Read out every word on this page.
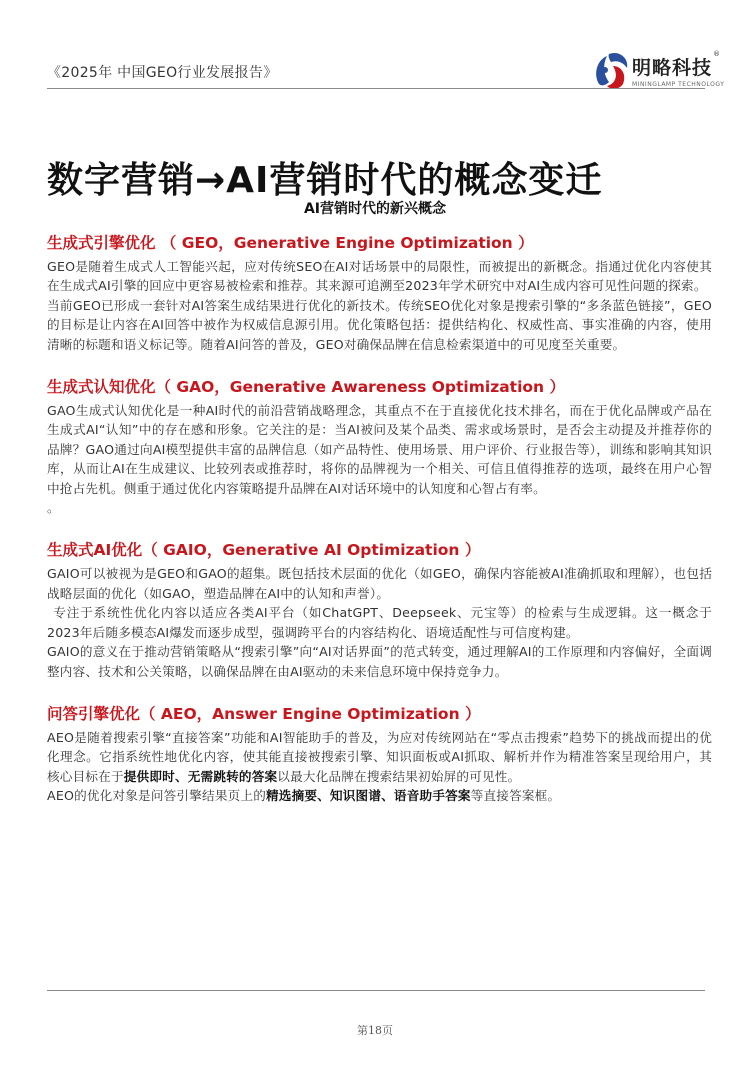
《2025年 中国GEO行业发展报告》	明略科技
®
MININGLAMP TECHNOLOGY
数字营销→AI营销时代的概念变迁
AI营销时代的新兴概念
生成式引擎优化 （ GEO，Generative Engine Optimization ）

GEO是随着生成式人工智能兴起，应对传统SEO在AI对话场景中的局限性，而被提出的新概念。指通过优化内容使其在生成式AI引擎的回应中更容易被检索和推荐。其来源可追溯至2023年学术研究中对AI生成内容可见性问题的探索。

当前GEO已形成一套针对AI答案生成结果进行优化的新技术。传统SEO优化对象是搜索引擎的“多条蓝色链接”，GEO的目标是让内容在AI回答中被作为权威信息源引用。优化策略包括：提供结构化、权威性高、事实准确的内容，使用清晰的标题和语义标记等。随着AI问答的普及，GEO对确保品牌在信息检索渠道中的可见度至关重要。

生成式认知优化（ GAO，Generative Awareness Optimization ）

GAO生成式认知优化是一种AI时代的前沿营销战略理念，其重点不在于直接优化技术排名，而在于优化品牌或产品在生成式AI“认知”中的存在感和形象。它关注的是：当AI被问及某个品类、需求或场景时，是否会主动提及并推荐你的品牌？GAO通过向AI模型提供丰富的品牌信息（如产品特性、使用场景、用户评价、行业报告等），训练和影响其知识库，从而让AI在生成建议、比较列表或推荐时，将你的品牌视为一个相关、可信且值得推荐的选项，最终在用户心智中抢占先机。侧重于通过优化内容策略提升品牌在AI对话环境中的认知度和心智占有率。

。

生成式AI优化（ GAIO，Generative AI Optimization ）

GAIO可以被视为是GEO和GAO的超集。既包括技术层面的优化（如GEO，确保内容能被AI准确抓取和理解），也包括战略层面的优化（如GAO，塑造品牌在AI中的认知和声誉）。

专注于系统性优化内容以适应各类AI平台（如ChatGPT、Deepseek、元宝等）的检索与生成逻辑。这一概念于2023年后随多模态AI爆发而逐步成型，强调跨平台的内容结构化、语境适配性与可信度构建。

GAIO的意义在于推动营销策略从“搜索引擎”向“AI对话界面”的范式转变，通过理解AI的工作原理和内容偏好，全面调整内容、技术和公关策略，以确保品牌在由AI驱动的未来信息环境中保持竞争力。

问答引擎优化（ AEO，Answer Engine Optimization ）

AEO是随着搜索引擎“直接答案”功能和AI智能助手的普及，为应对传统网站在“零点击搜索”趋势下的挑战而提出的优化理念。它指系统性地优化内容，使其能直接被搜索引擎、知识面板或AI抓取、解析并作为精准答案呈现给用户，其核心目标在于提供即时、无需跳转的答案以最大化品牌在搜索结果初始屏的可见性。

AEO的优化对象是问答引擎结果页上的精选摘要、知识图谱、语音助手答案等直接答案框。

第18页
